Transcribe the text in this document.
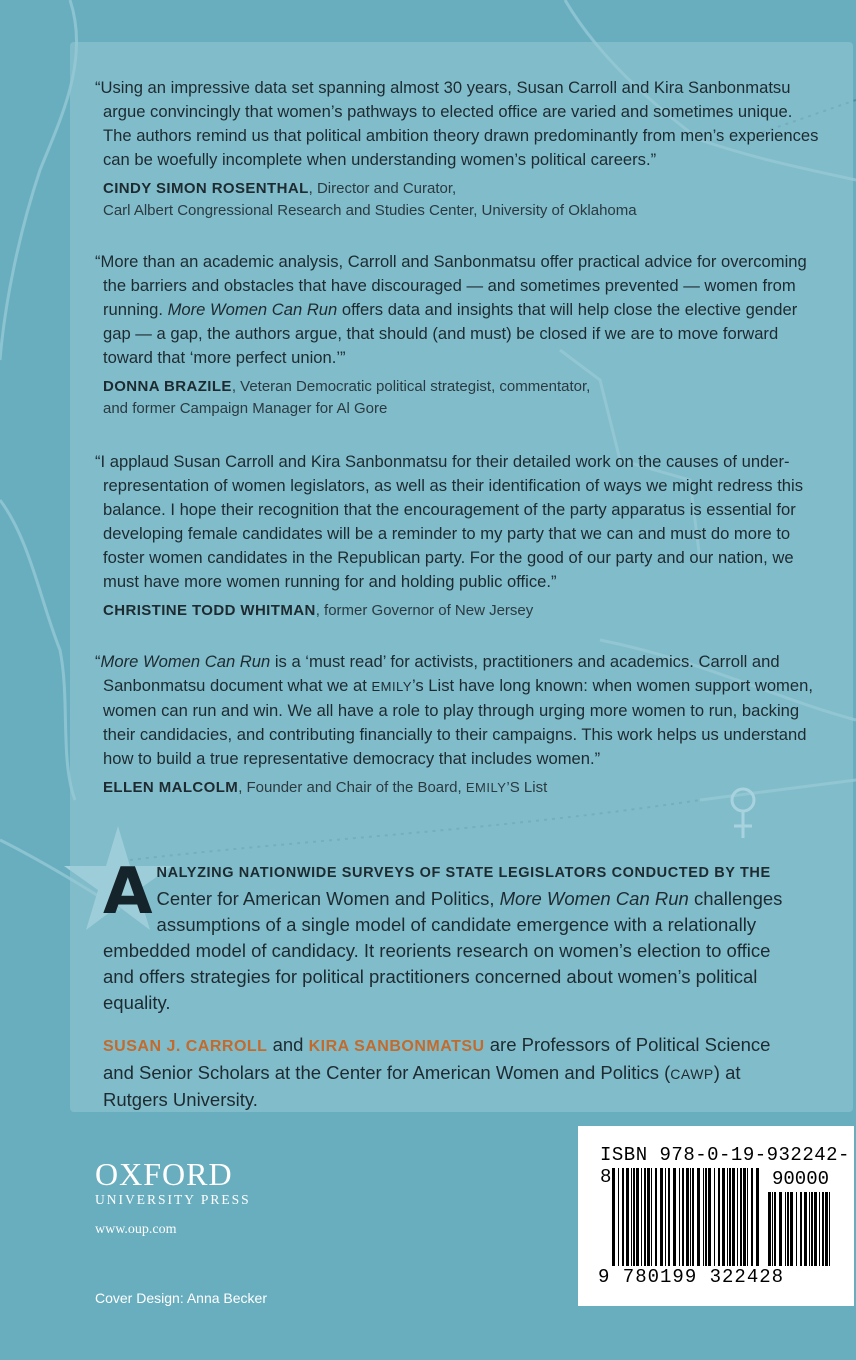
“Using an impressive data set spanning almost 30 years, Susan Carroll and Kira Sanbonmatsu argue convincingly that women’s pathways to elected office are varied and sometimes unique. The authors remind us that political ambition theory drawn predominantly from men’s experiences can be woefully incomplete when understanding women’s political careers.”

CINDY SIMON ROSENTHAL, Director and Curator,
Carl Albert Congressional Research and Studies Center, University of Oklahoma

“More than an academic analysis, Carroll and Sanbonmatsu offer practical advice for overcoming the barriers and obstacles that have discouraged — and sometimes prevented — women from running. More Women Can Run offers data and insights that will help close the elective gender gap — a gap, the authors argue, that should (and must) be closed if we are to move forward toward that ‘more perfect union.’”

DONNA BRAZILE, Veteran Democratic political strategist, commentator,
and former Campaign Manager for Al Gore

“I applaud Susan Carroll and Kira Sanbonmatsu for their detailed work on the causes of under-representation of women legislators, as well as their identification of ways we might redress this balance. I hope their recognition that the encouragement of the party apparatus is essential for developing female candidates will be a reminder to my party that we can and must do more to foster women candidates in the Republican party. For the good of our party and our nation, we must have more women running for and holding public office.”

CHRISTINE TODD WHITMAN, former Governor of New Jersey

“More Women Can Run is a ‘must read’ for activists, practitioners and academics. Carroll and Sanbonmatsu document what we at EMILY’s List have long known: when women support women, women can run and win. We all have a role to play through urging more women to run, backing their candidacies, and contributing financially to their campaigns. This work helps us understand how to build a true representative democracy that includes women.”

ELLEN MALCOLM, Founder and Chair of the Board, EMILY’S List

ANALYZING NATIONWIDE SURVEYS OF STATE LEGISLATORS CONDUCTED BY THE Center for American Women and Politics, More Women Can Run challenges assumptions of a single model of candidate emergence with a relationally embedded model of candidacy. It reorients research on women’s election to office and offers strategies for political practitioners concerned about women’s political equality.

SUSAN J. CARROLL and KIRA SANBONMATSU are Professors of Political Science and Senior Scholars at the Center for American Women and Politics (CAWP) at Rutgers University.

OXFORD
UNIVERSITY PRESS
www.oup.com
Cover Design: Anna Becker
ISBN 978-0-19-932242-8	90000
9 780199 322428
